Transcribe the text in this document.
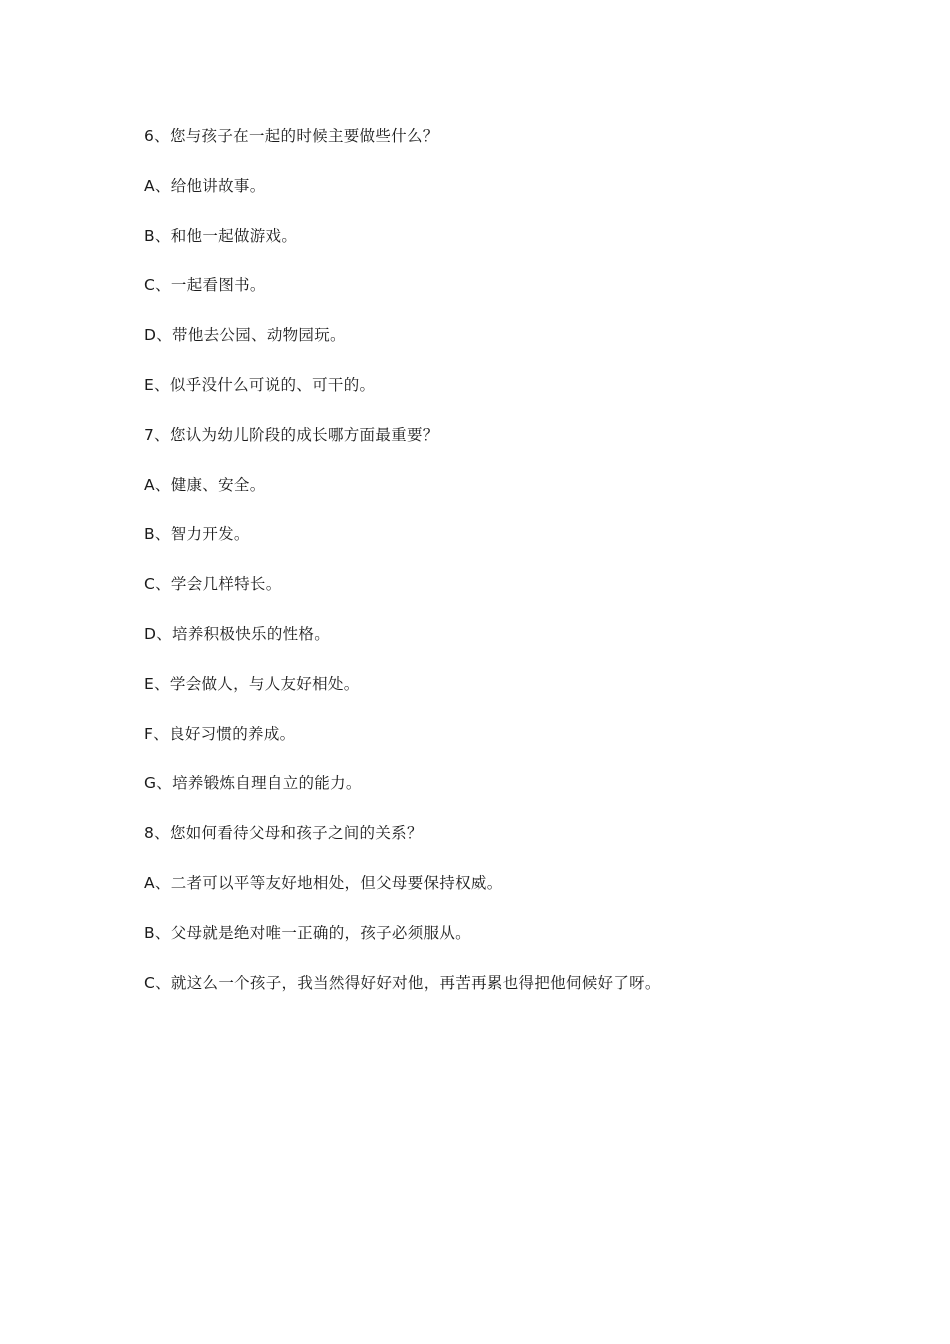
6、您与孩子在一起的时候主要做些什么？
A、给他讲故事。
B、和他一起做游戏。
C、一起看图书。
D、带他去公园、动物园玩。
E、似乎没什么可说的、可干的。
7、您认为幼儿阶段的成长哪方面最重要？
A、健康、安全。
B、智力开发。
C、学会几样特长。
D、培养积极快乐的性格。
E、学会做人，与人友好相处。
F、良好习惯的养成。
G、培养锻炼自理自立的能力。
8、您如何看待父母和孩子之间的关系？
A、二者可以平等友好地相处，但父母要保持权威。
B、父母就是绝对唯一正确的，孩子必须服从。
C、就这么一个孩子，我当然得好好对他，再苦再累也得把他伺候好了呀。
